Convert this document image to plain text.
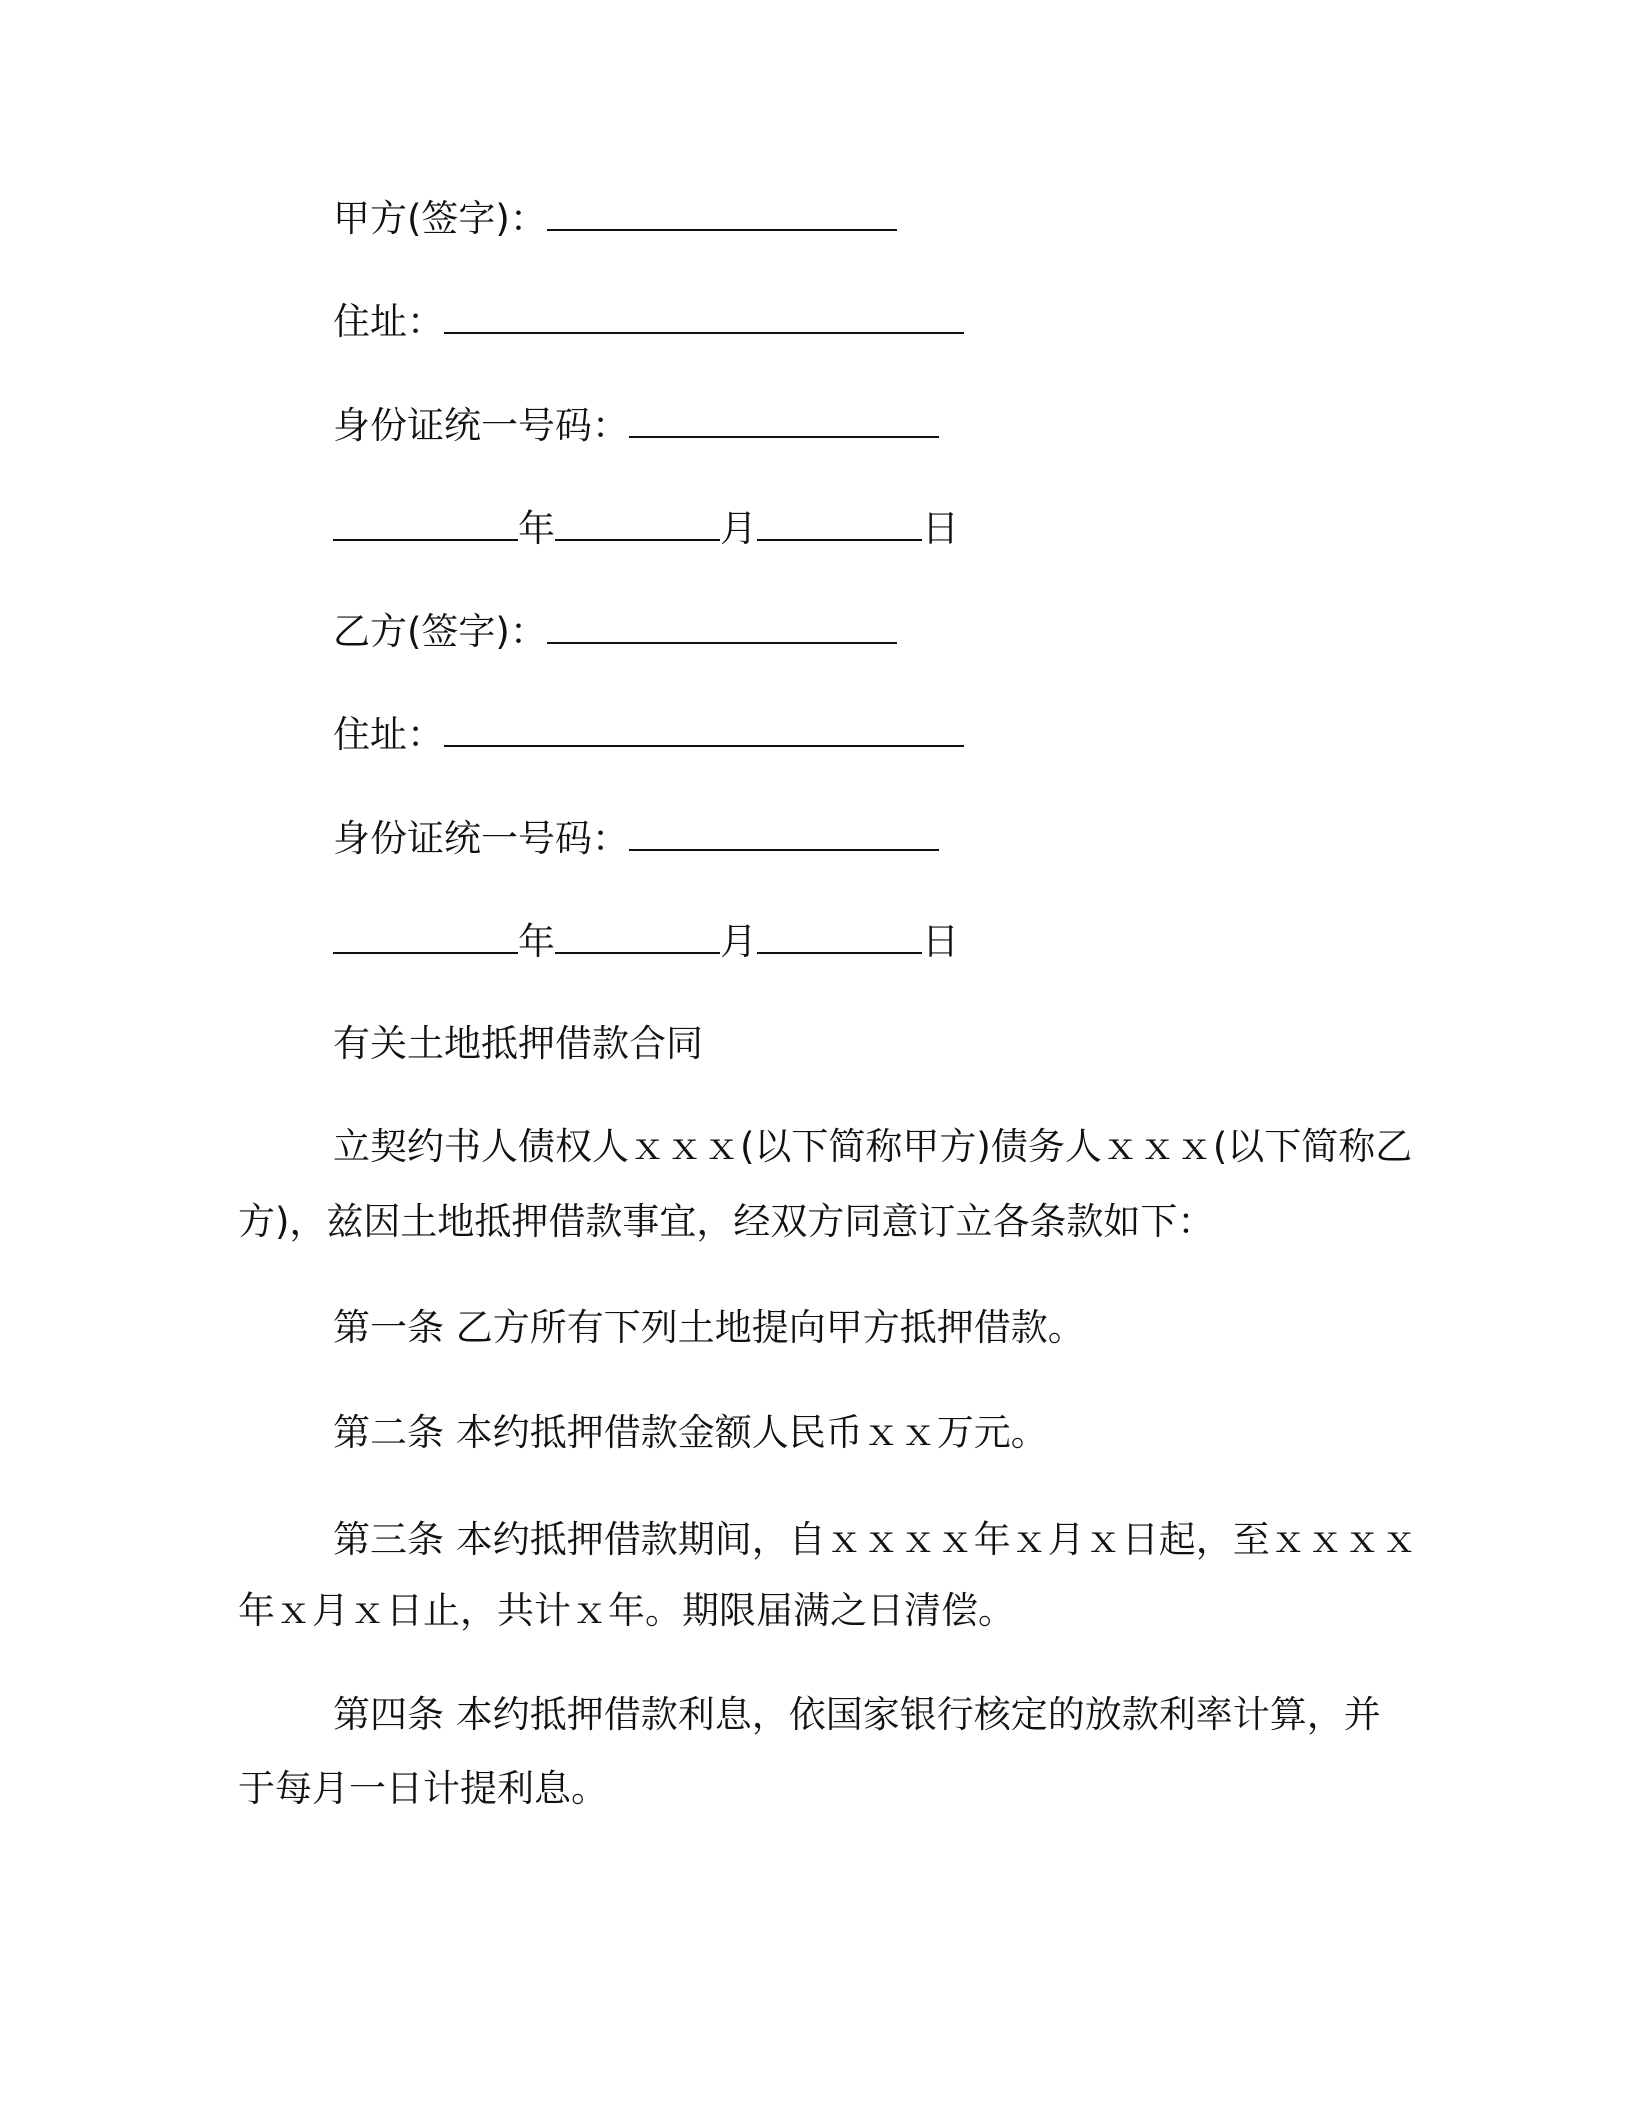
甲方(签字)：
住址：
身份证统一号码：
年	月	日
乙方(签字)：
住址：
身份证统一号码：
年	月	日
有关土地抵押借款合同
立契约书人债权人ｘｘｘ(以下简称甲方)债务人ｘｘｘ(以下简称乙
方)，兹因土地抵押借款事宜，经双方同意订立各条款如下：
第一条 乙方所有下列土地提向甲方抵押借款。
第二条 本约抵押借款金额人民币ｘｘ万元。
第三条 本约抵押借款期间，自ｘｘｘｘ年ｘ月ｘ日起，至ｘｘｘｘ
年ｘ月ｘ日止，共计ｘ年。期限届满之日清偿。
第四条 本约抵押借款利息，依国家银行核定的放款利率计算，并
于每月一日计提利息。
